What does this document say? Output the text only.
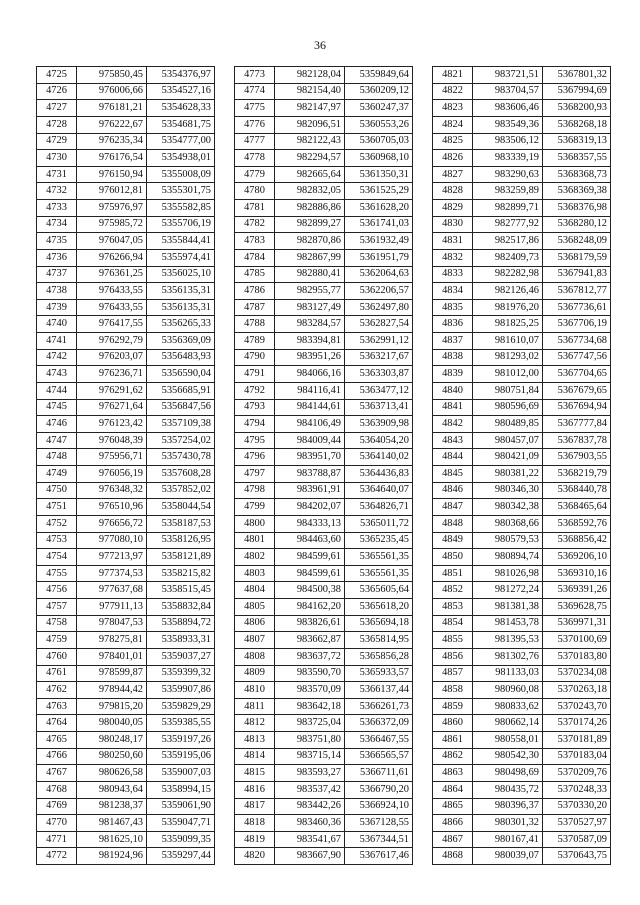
36
4725	975850,45	5354376,97
4726	976006,66	5354527,16
4727	976181,21	5354628,33
4728	976222,67	5354681,75
4729	976235,34	5354777,00
4730	976176,54	5354938,01
4731	976150,94	5355008,09
4732	976012,81	5355301,75
4733	975976,97	5355582,85
4734	975985,72	5355706,19
4735	976047,05	5355844,41
4736	976266,94	5355974,41
4737	976361,25	5356025,10
4738	976433,55	5356135,31
4739	976433,55	5356135,31
4740	976417,55	5356265,33
4741	976292,79	5356369,09
4742	976203,07	5356483,93
4743	976236,71	5356590,04
4744	976291,62	5356685,91
4745	976271,64	5356847,56
4746	976123,42	5357109,38
4747	976048,39	5357254,02
4748	975956,71	5357430,78
4749	976056,19	5357608,28
4750	976348,32	5357852,02
4751	976510,96	5358044,54
4752	976656,72	5358187,53
4753	977080,10	5358126,95
4754	977213,97	5358121,89
4755	977374,53	5358215,82
4756	977637,68	5358515,45
4757	977911,13	5358832,84
4758	978047,53	5358894,72
4759	978275,81	5358933,31
4760	978401,01	5359037,27
4761	978599,87	5359399,32
4762	978944,42	5359907,86
4763	979815,20	5359829,29
4764	980040,05	5359385,55
4765	980248,17	5359197,26
4766	980250,60	5359195,06
4767	980626,58	5359007,03
4768	980943,64	5358994,15
4769	981238,37	5359061,90
4770	981467,43	5359047,71
4771	981625,10	5359099,35
4772	981924,96	5359297,44
4773	982128,04	5359849,64
4774	982154,40	5360209,12
4775	982147,97	5360247,37
4776	982096,51	5360553,26
4777	982122,43	5360705,03
4778	982294,57	5360968,10
4779	982665,64	5361350,31
4780	982832,05	5361525,29
4781	982886,86	5361628,20
4782	982899,27	5361741,03
4783	982870,86	5361932,49
4784	982867,99	5361951,79
4785	982880,41	5362064,63
4786	982955,77	5362206,57
4787	983127,49	5362497,80
4788	983284,57	5362827,54
4789	983394,81	5362991,12
4790	983951,26	5363217,67
4791	984066,16	5363303,87
4792	984116,41	5363477,12
4793	984144,61	5363713,41
4794	984106,49	5363909,98
4795	984009,44	5364054,20
4796	983951,70	5364140,02
4797	983788,87	5364436,83
4798	983961,91	5364640,07
4799	984202,07	5364826,71
4800	984333,13	5365011,72
4801	984463,60	5365235,45
4802	984599,61	5365561,35
4803	984599,61	5365561,35
4804	984500,38	5365605,64
4805	984162,20	5365618,20
4806	983826,61	5365694,18
4807	983662,87	5365814,95
4808	983637,72	5365856,28
4809	983590,70	5365933,57
4810	983570,09	5366137,44
4811	983642,18	5366261,73
4812	983725,04	5366372,09
4813	983751,80	5366467,55
4814	983715,14	5366565,57
4815	983593,27	5366711,61
4816	983537,42	5366790,20
4817	983442,26	5366924,10
4818	983460,36	5367128,55
4819	983541,67	5367344,51
4820	983667,90	5367617,46
4821	983721,51	5367801,32
4822	983704,57	5367994,69
4823	983606,46	5368200,93
4824	983549,36	5368268,18
4825	983506,12	5368319,13
4826	983339,19	5368357,55
4827	983290,63	5368368,73
4828	983259,89	5368369,38
4829	982899,71	5368376,98
4830	982777,92	5368280,12
4831	982517,86	5368248,09
4832	982409,73	5368179,59
4833	982282,98	5367941,83
4834	982126,46	5367812,77
4835	981976,20	5367736,61
4836	981825,25	5367706,19
4837	981610,07	5367734,68
4838	981293,02	5367747,56
4839	981012,00	5367704,65
4840	980751,84	5367679,65
4841	980596,69	5367694,94
4842	980489,85	5367777,84
4843	980457,07	5367837,78
4844	980421,09	5367903,55
4845	980381,22	5368219,79
4846	980346,30	5368440,78
4847	980342,38	5368465,64
4848	980368,66	5368592,76
4849	980579,53	5368856,42
4850	980894,74	5369206,10
4851	981026,98	5369310,16
4852	981272,24	5369391,26
4853	981381,38	5369628,75
4854	981453,78	5369971,31
4855	981395,53	5370100,69
4856	981302,76	5370183,80
4857	981133,03	5370234,08
4858	980960,08	5370263,18
4859	980833,62	5370243,70
4860	980662,14	5370174,26
4861	980558,01	5370181,89
4862	980542,30	5370183,04
4863	980498,69	5370209,76
4864	980435,72	5370248,33
4865	980396,37	5370330,20
4866	980301,32	5370527,97
4867	980167,41	5370587,09
4868	980039,07	5370643,75
